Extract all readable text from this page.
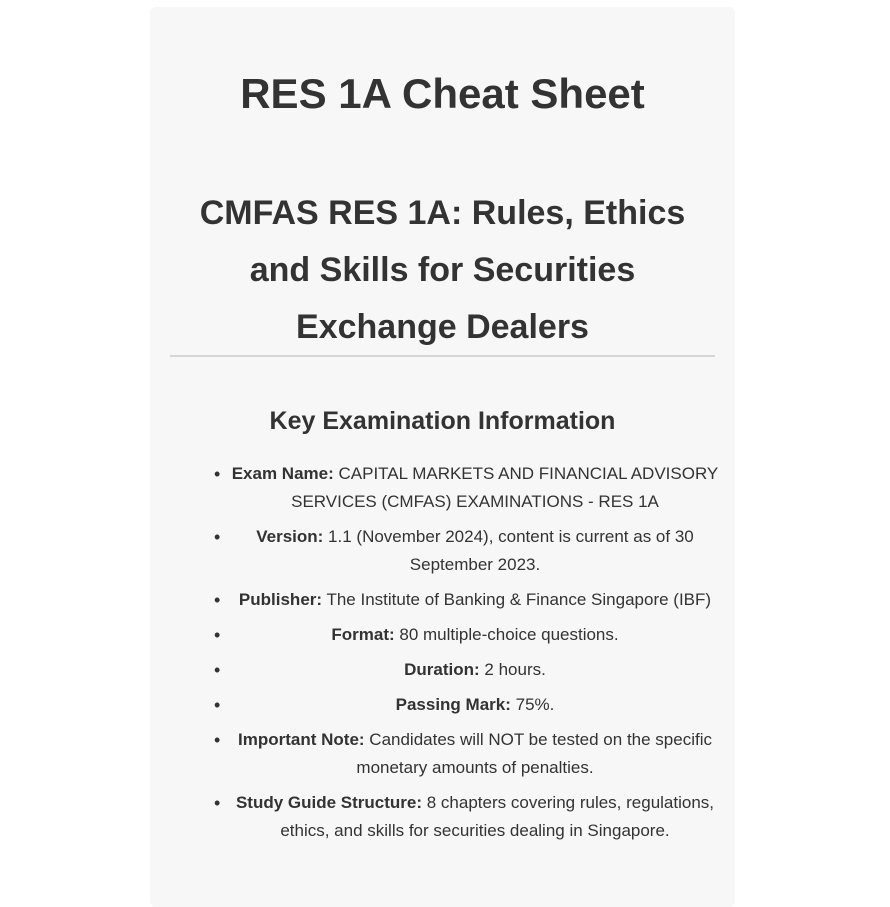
RES 1A Cheat Sheet
CMFAS RES 1A: Rules, Ethics and Skills for Securities Exchange Dealers
Key Examination Information
• Exam Name: CAPITAL MARKETS AND FINANCIAL ADVISORY SERVICES (CMFAS) EXAMINATIONS - RES 1A
• Version: 1.1 (November 2024), content is current as of 30 September 2023.
• Publisher: The Institute of Banking & Finance Singapore (IBF)
•	Format: 80 multiple-choice questions.
•	Duration: 2 hours.
•	Passing Mark: 75%.
• Important Note: Candidates will NOT be tested on the specific monetary amounts of penalties.
• Study Guide Structure: 8 chapters covering rules, regulations, ethics, and skills for securities dealing in Singapore.
